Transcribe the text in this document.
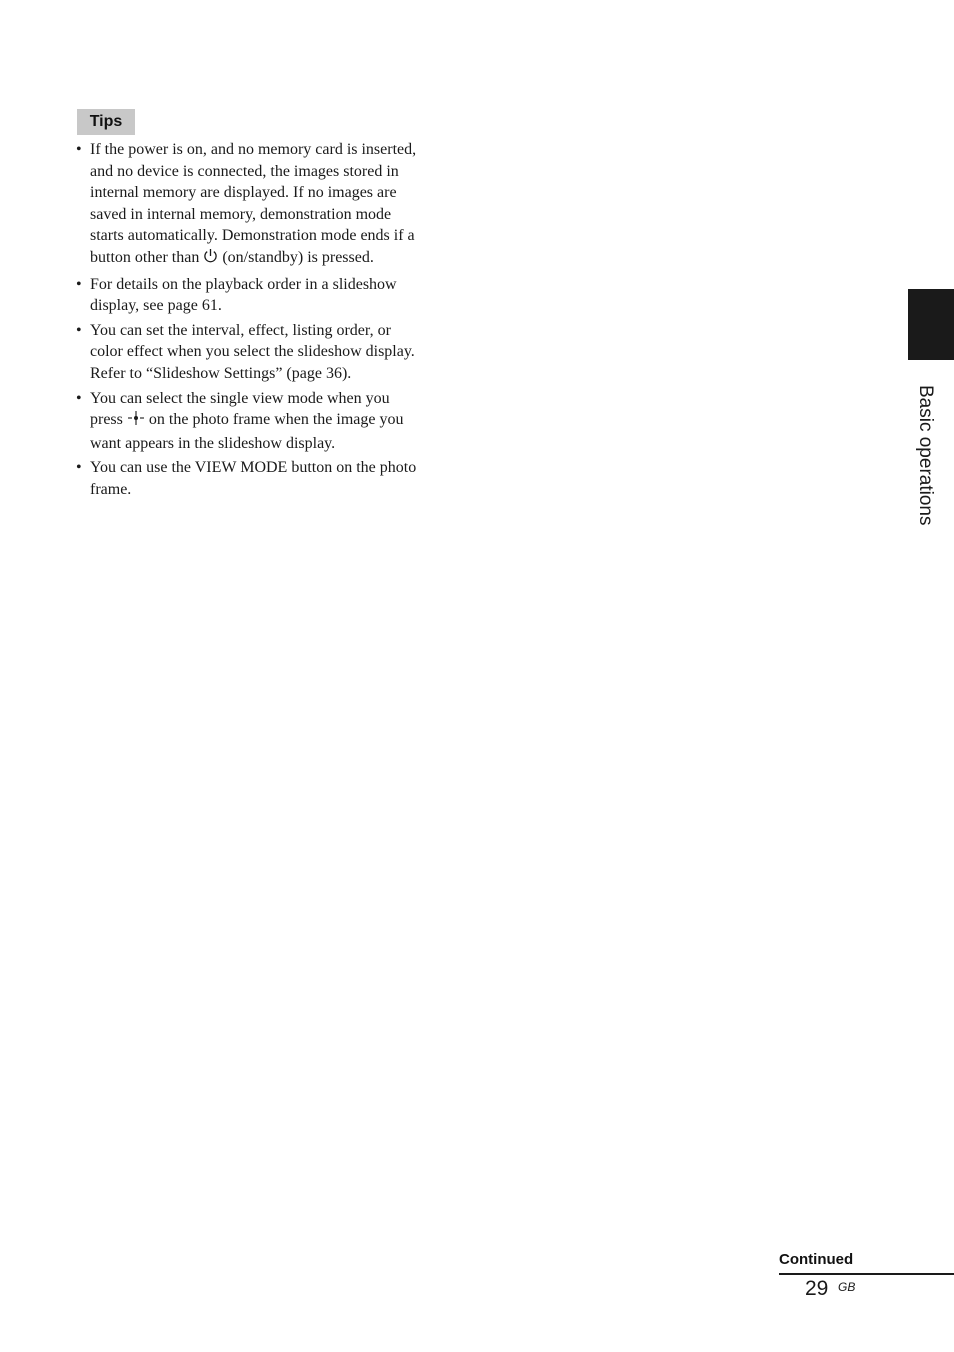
Tips
• If the power is on, and no memory card is inserted,
and no device is connected, the images stored in
internal memory are displayed. If no images are
saved in internal memory, demonstration mode
starts automatically. Demonstration mode ends if a
button other than (on/standby) is pressed.
• For details on the playback order in a slideshow
display, see page 61.
• You can set the interval, effect, listing order, or
color effect when you select the slideshow display.
Refer to “Slideshow Settings” (page 36).
• You can select the single view mode when you
press on the photo frame when the image you
want appears in the slideshow display.
• You can use the VIEW MODE button on the photo
frame.	Basic operations
Continued
29 GB
